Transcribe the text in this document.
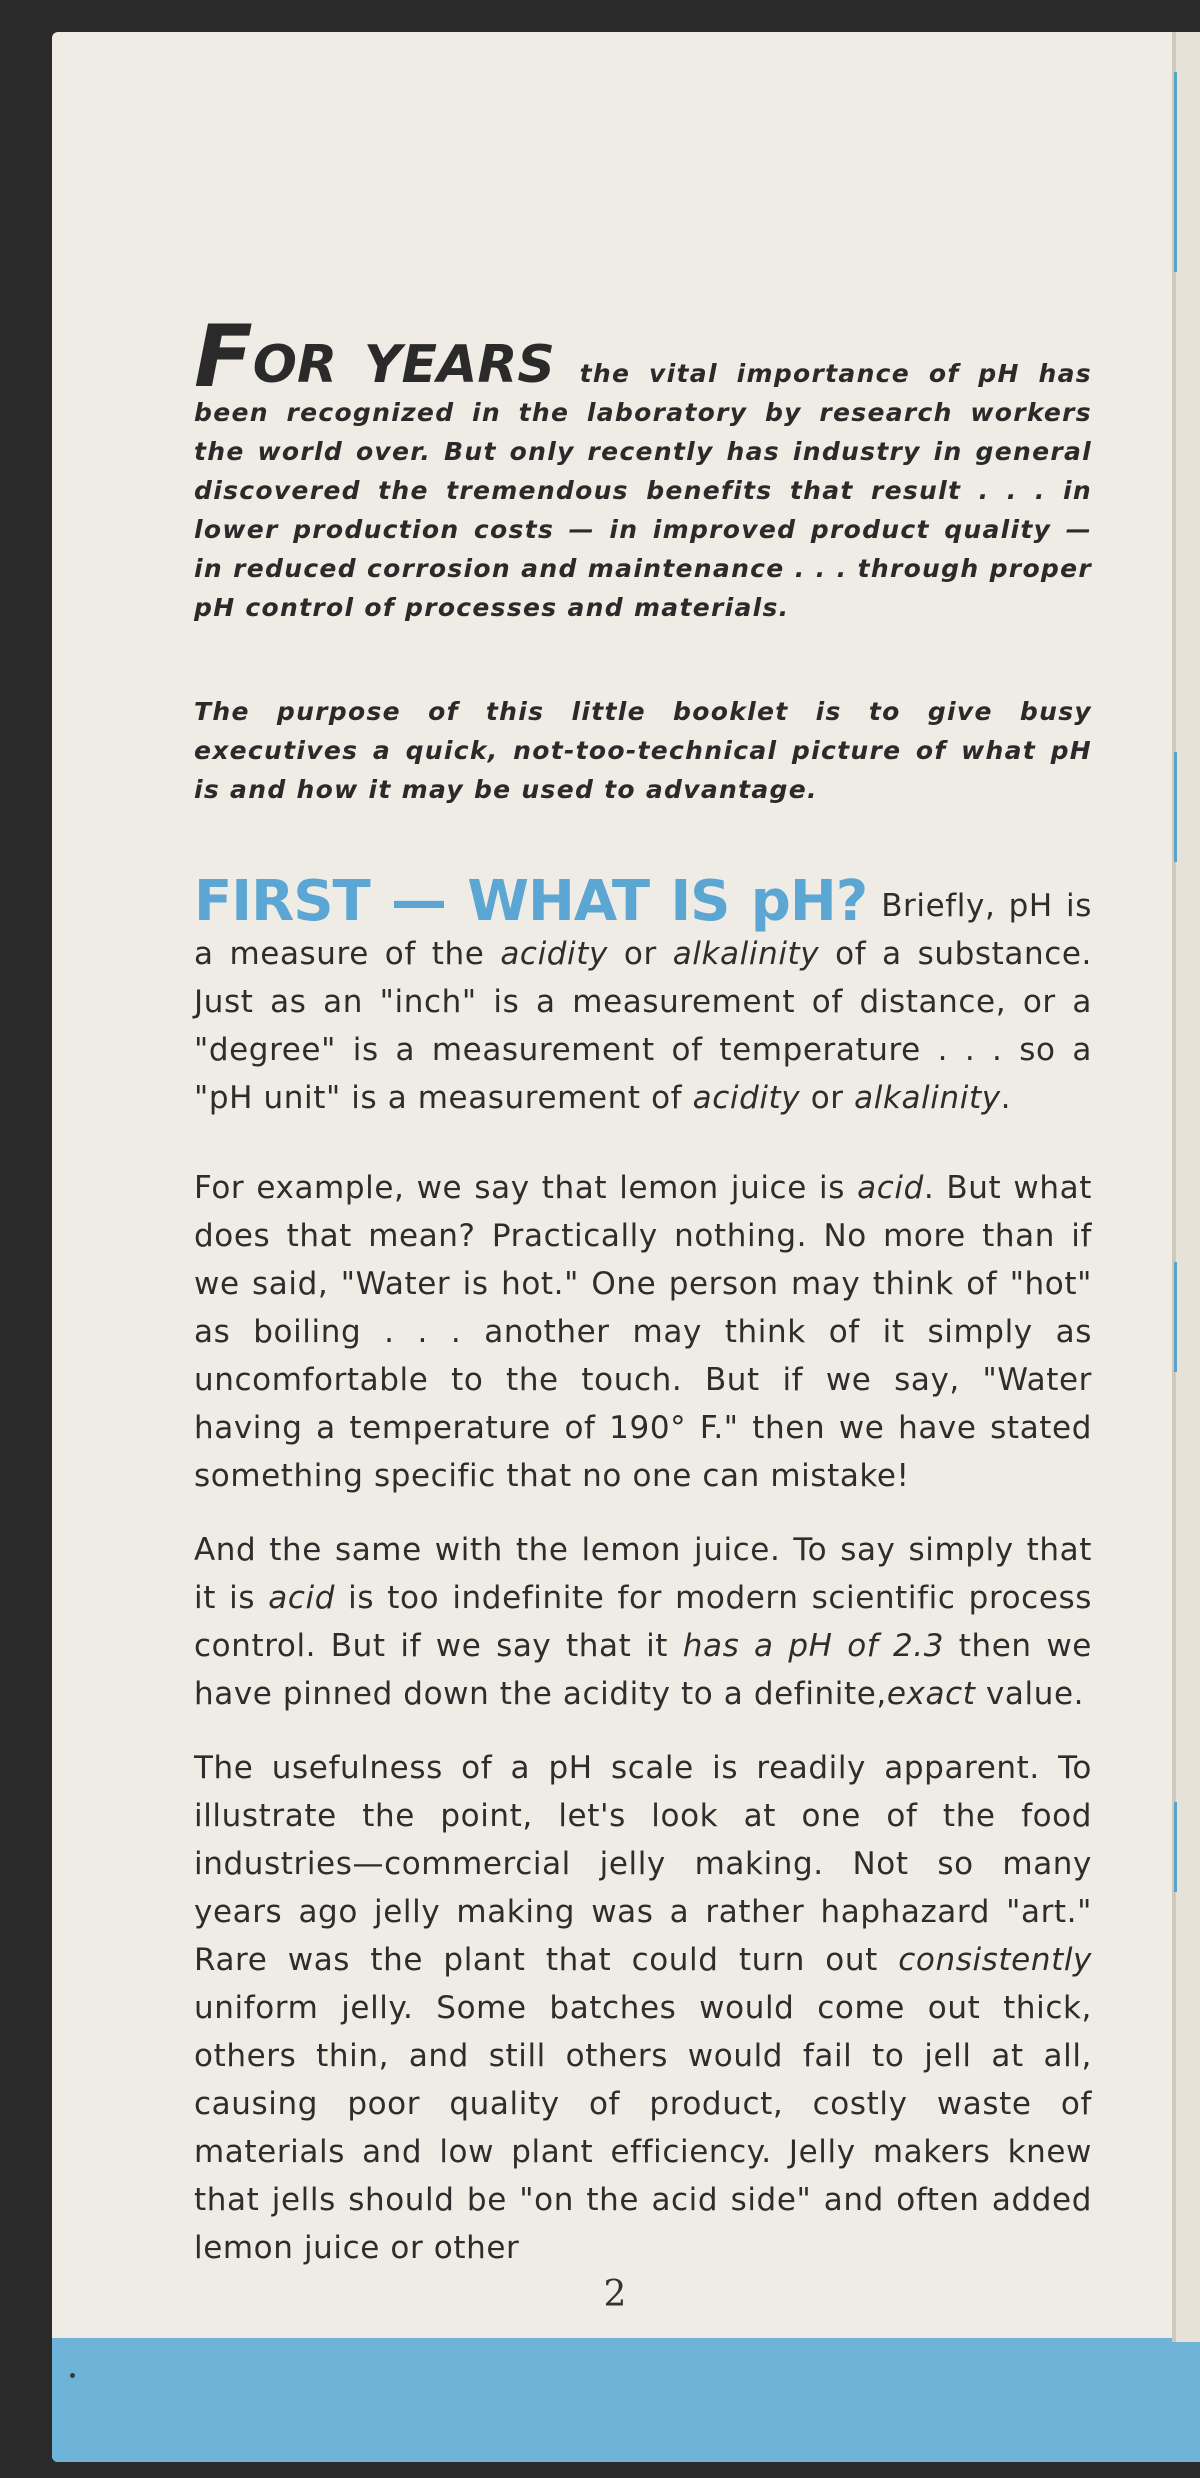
FOR YEARS the vital importance of pH has been recognized in the laboratory by research workers the world over. But only recently has industry in general discovered the tremendous benefits that result . . . in lower production costs — in improved product quality — in reduced corrosion and maintenance . . . through proper pH control of processes and materials.
The purpose of this little booklet is to give busy executives a quick, not-too-technical picture of what pH is and how it may be used to advantage.

FIRST — WHAT IS pH? Briefly, pH is a measure of the acidity or alkalinity of a substance. Just as an "inch" is a measurement of distance, or a "degree" is a measurement of temperature . . . so a "pH unit" is a measurement of acidity or alkalinity.

For example, we say that lemon juice is acid. But what does that mean? Practically nothing. No more than if we said, "Water is hot." One person may think of "hot" as boiling . . . another may think of it simply as uncomfortable to the touch. But if we say, "Water having a temperature of 190° F." then we have stated something specific that no one can mistake!

And the same with the lemon juice. To say simply that it is acid is too indefinite for modern scientific process control. But if we say that it has a pH of 2.3 then we have pinned down the acidity to a definite,exact value.

The usefulness of a pH scale is readily apparent. To illustrate the point, let's look at one of the food industries—commercial jelly making. Not so many years ago jelly making was a rather haphazard "art." Rare was the plant that could turn out consistently uniform jelly. Some batches would come out thick, others thin, and still others would fail to jell at all, causing poor quality of product, costly waste of materials and low plant efficiency. Jelly makers knew that jells should be "on the acid side" and often added lemon juice or other

2
